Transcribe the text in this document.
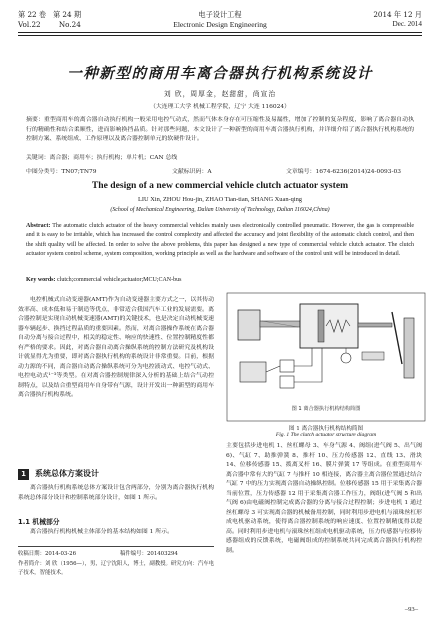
第 22 卷 第 24 期
Vol.22	No.24
电子设计工程
Electronic Design Engineering
2014 年 12 月
Dec. 2014
一种新型的商用车离合器执行机构系统设计
刘 欣，周厚金，赵甜甜，尚宣治
（大连理工大学 机械工程学院，辽宁 大连 116024）
摘要：重型商用车的离合器自动执行机构一般采用电控气动式，然而气体本身存在可压缩性及易漏性，增加了控制的复杂程度，影响了离合器自动执行的精确性和结合柔顺性，进而影响换挡品质。针对那些问题，本文设计了一种新型的商用车离合器执行机构，并详细介绍了离合器执行机构系统的控制方案、系统组成、工作原理以及离合器控制单元的软硬件设计。
关键词：离合器；商用车；执行机构；单片机；CAN 总线
中图分类号：TN07;TN79	文献标识码：A	文章编号：1674-6236(2014)24-0093-03
The design of a new commercial vehicle clutch actuator system
LIU Xin, ZHOU Hou-jin, ZHAO Tian-tian, SHANG Xuan-qing
(School of Mechanical Engineering, Dalian University of Technology, Dalian 116024,China)
Abstract: The automatic clutch actuator of the heavy commercial vehicles mainly uses electronically controlled pneumatic. However, the gas is compressible and it is easy to be irritable, which has increased the control complexity and affected the accuracy and joint flexibility of the automatic clutch control, and then the shift quality will be affected. In order to solve the above problems, this paper has designed a new type of commercial vehicle clutch actuator. The clutch actuator system control scheme, system composition, working principle as well as the hardware and software of the control unit will be introduced in detail.
Key words: clutch;commercial vehicle;actuator;MCU;CAN-bus
电控机械式自动变速器(AMT)作为自动变速器主要方式之一，以其传动效率高、成本低和易于制造等优点，非常适合我国汽车工业的发展需要。离合器控制是实现自动机械变速器(AMT)的关键技术，也是决定自动机械变速器车辆起步、换挡过程品质的重要因素。然而，对离合器操作系统在离合器自动分离与接合过程中，相关的稳定性、响应的快速性、位置控制精度性都有严格的要求。因此，对离合器自动离合操纵系统的控制方法研究及机构设计就显得尤为重要，即对离合器执行机构的系统设计非常重要。目前，根据动力源的不同，离合器自动离合操纵系统可分为电控液动式、电控气动式、电控电动式¹⁻³等类型。在对离合器控制规律深入分析的基础上结合气动控制特点，以及结合重型商用车自身带有气源，设计开发出一种新型的商用车离合器执行机构系统。
1 系统总体方案设计
离合器执行机构系统总体方案设计包含两部分，分别为离合器执行机构系统总体部分设计和控制系统部分设计，如图 1 所示。
1.1 机械部分
离合器执行机构机械主体部分的基本结构如图 1 所示。
收稿日期：2014-03-26	稿件编号：201403294
作者简介：刘 欣（1956—），男，辽宁沈阳人，博士，副教授。研究方向：汽车电子技术，智能技术。
图 1 离合器执行机构结构简图
图 1 离合器执行机构结构简图
Fig. 1 The clutch actuator structure diagram
主要包括步进电机 1、丝杠螺母 3、车身气源 4、阀组(进气阀 5、出气阀 6)、气缸 7、助推弹簧 8、推杆 10、压力传感器 12、直线 13、滑块 14、位移传感器 15、拨离叉杆 16、膜片弹簧 17 等组成。在重型商用车离合器中常有大的气缸 7 与推杆 10 相连接，离合器主离合器位置通过结合气缸 7 中的压力实现离合器自动操纵控制。位移传感器 15 用于采集离合器当前位置，压力传感器 12 用于采集离合器工作压力，阀组(进气阀 5 和出气阀 6)由电磁阀控制完成离合器的分离与接合过程控制；步进电机 1 通过丝杠螺母 3 可实现离合器的机械备用控制，同时利用步进电机与滚珠丝杠形成电机驱动系统，使得离合器控制系统的响应速度、位置控制精度得以提高。同时利用步进电机与滚珠丝杠组成电机驱动系统，压力传感器与位移传感器组成的反馈系统，电磁阀组成的控制系统共同完成离合器执行机构控制。
–93–
